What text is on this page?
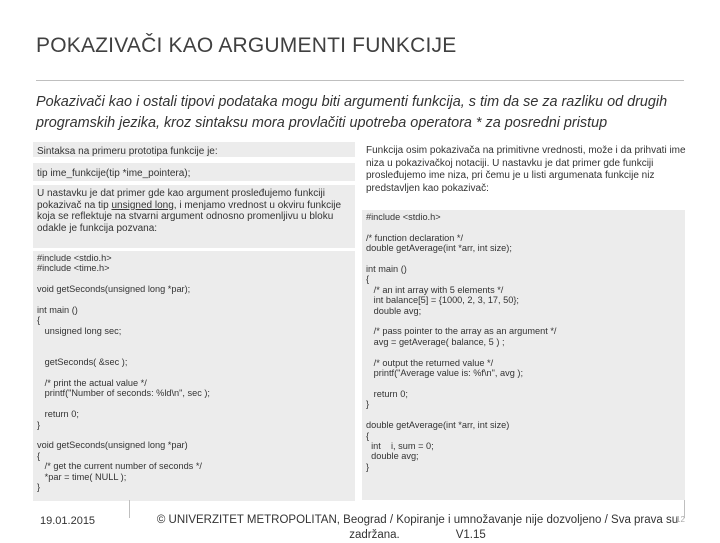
POKAZIVAČI KAO ARGUMENTI FUNKCIJE
Pokazivači kao i ostali tipovi podataka mogu biti argumenti funkcija, s tim da se za razliku od drugih programskih jezika, kroz sintaksu mora provlačiti upotreba operatora * za posredni pristup
Sintaksa na primeru prototipa funkcije je:
tip ime_funkcije(tip *ime_pointera);
U nastavku je dat primer gde kao argument prosleđujemo funkciji pokazivač na tip unsigned long, i menjamo vrednost u okviru funkcije koja se reflektuje na stvarni argument odnosno promenljivu u bloku odakle je funkcija pozvana:
#include <stdio.h>
#include <time.h>

void getSeconds(unsigned long *par);

int main ()
{
unsigned long sec;

getSeconds( &sec );

/* print the actual value */
printf("Number of seconds: %ld\n", sec );

return 0;
}

void getSeconds(unsigned long *par)
{
/* get the current number of seconds */
*par = time( NULL );
}
Funkcija osim pokazivača na primitivne vrednosti, može i da prihvati ime niza u pokazivačkoj notaciji. U nastavku je dat primer gde funkciji prosleđujemo ime niza, pri čemu je u listi argumenata funkcije niz predstavljen kao pokazivač:
#include <stdio.h>

/* function declaration */
double getAverage(int *arr, int size);

int main ()
{
/* an int array with 5 elements */
int balance[5] = {1000, 2, 3, 17, 50};
double avg;

/* pass pointer to the array as an argument */
avg = getAverage( balance, 5 ) ;

/* output the returned value */
printf("Average value is: %f\n", avg );

return 0;
}

double getAverage(int *arr, int size)
{
int    i, sum = 0;
double avg;
}
19.01.2015	© UNIVERZITET METROPOLITAN, Beograd / Kopiranje i umnožavanje nije dozvoljeno / Sva prava su zadržana.	V1.15
12
